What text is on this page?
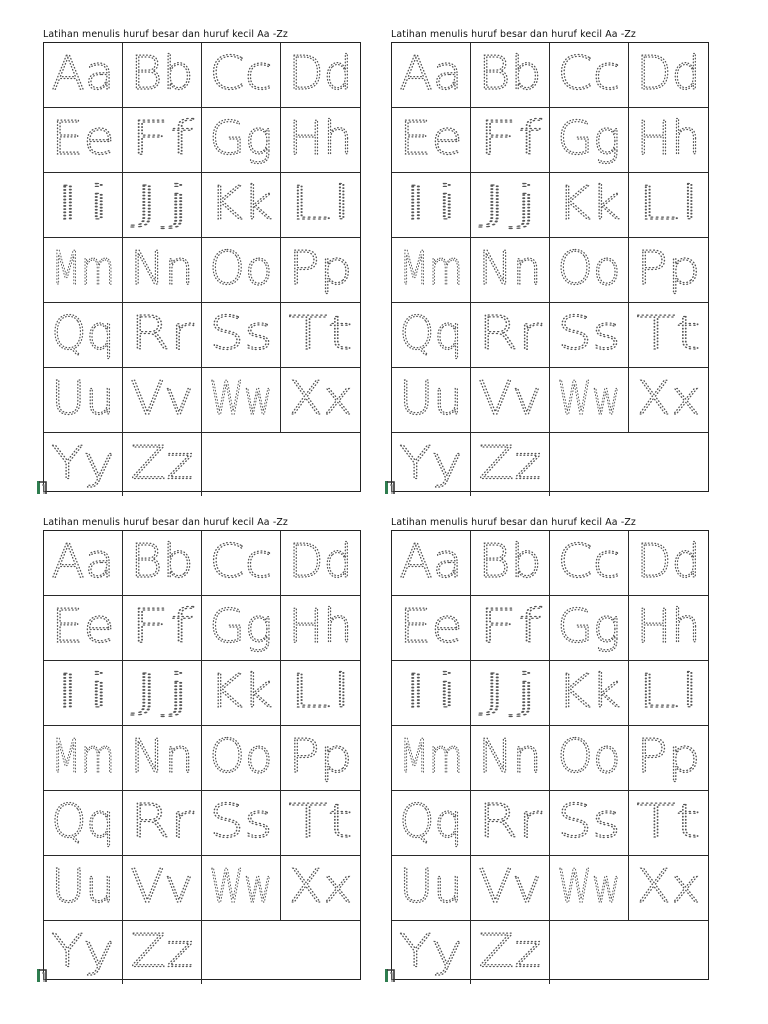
Latihan menulis huruf besar dan huruf kecil Aa -Zz
Aa Bb Cc Dd
Ee Ff Gg Hh
Ii Jj Kk Ll
Mm Nn Oo Pp
Qq Rr Ss Tt
Uu Vv Ww Xx
Yy Zz
Latihan menulis huruf besar dan huruf kecil Aa -Zz
Aa Bb Cc Dd
Ee Ff Gg Hh
Ii Jj Kk Ll
Mm Nn Oo Pp
Qq Rr Ss Tt
Uu Vv Ww Xx
Yy Zz
Latihan menulis huruf besar dan huruf kecil Aa -Zz
Aa Bb Cc Dd
Ee Ff Gg Hh
Ii Jj Kk Ll
Mm Nn Oo Pp
Qq Rr Ss Tt
Uu Vv Ww Xx
Yy Zz
Latihan menulis huruf besar dan huruf kecil Aa -Zz
Aa Bb Cc Dd
Ee Ff Gg Hh
Ii Jj Kk Ll
Mm Nn Oo Pp
Qq Rr Ss Tt
Uu Vv Ww Xx
Yy Zz
